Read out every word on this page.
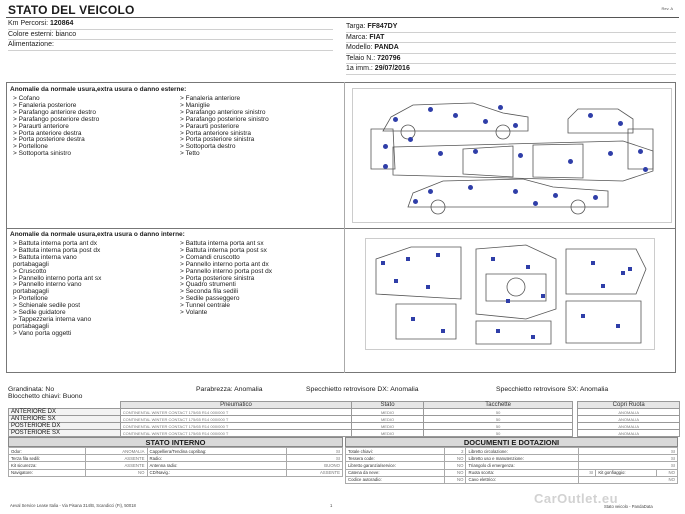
STATO DEL VEICOLO	Rev. A
Km Percorsi: 120864
Colore esterni: bianco
Alimentazione:
Targa: FF847DY
Marca: FIAT
Modello: PANDA
Telaio N.: 720796
1a imm.: 29/07/2016
Anomalie da normale usura,extra usura o danno esterne:
> Cofano
> Fanaleria posteriore
> Parafango anteriore destro
> Parafango posteriore destro
> Paraurti anteriore
> Porta anteriore destra
> Porta posteriore destra
> Portellone
> Sottoporta sinistro
> Fanaleria anteriore
> Maniglie
> Parafango anteriore sinistro
> Parafango posteriore sinistro
> Paraurti posteriore
> Porta anteriore sinistra
> Porta posteriore sinistra
> Sottoporta destro
> Tetto
Anomalie da normale usura,extra usura o danno interne:
> Battuta interna porta ant dx
> Battuta interna porta post dx
> Battuta interna vano
portabagagli
> Cruscotto
> Pannello interno porta ant sx
> Pannello interno vano
portabagagli
> Portellone
> Schienale sedile post
> Sedile guidatore
> Tappezzeria interna vano
portabagagli
> Vano porta oggetti
> Battuta interna porta ant sx
> Battuta interna porta post sx
> Comandi cruscotto
> Pannello interno porta ant dx
> Pannello interno porta post dx
> Porta posteriore sinistra
> Quadro strumenti
> Seconda fila sedili
> Sedile passeggero
> Tunnel centrale
> Volante
Grandinata: No	Parabrezza: Anomalia	Specchietto retrovisore DX: Anomalia	Specchietto retrovisore SX: Anomalia
Blocchetto chiavi: Buono
	Pneumatico	Stato	Tacchette		Copri Ruota
ANTERIORE DX	CONTINENTAL WINTER CONTACT 175/65 R14 000/000 T	MEDIO	50		ANOMALIA
ANTERIORE SX	CONTINENTAL WINTER CONTACT 175/65 R14 000/000 T	MEDIO	50		ANOMALIA
POSTERIORE DX	CONTINENTAL WINTER CONTACT 175/65 R14 000/000 T	MEDIO	50		ANOMALIA
POSTERIORE SX	CONTINENTAL WINTER CONTACT 175/65 R14 000/000 T	MEDIO	50		ANOMALIA
STATO INTERNO
Odor:	ANOMALIA	Cappelliera/Tendina copribag:	SI
Terza fila sedili:	ASSENTE	Radio:	SI
Kit sicurezza:	ASSENTE	Antenna radio:	BUONO
Navigatore:	NO	CD/Navig.:	ASSENTE
DOCUMENTI E DOTAZIONI
Totale chiavi:	2	Libretto circolazione:	SI		
Tessera code:	NO	Libretto uso e manutenzione:	SI		
Libretto garanzia/service:	NO	Triangolo di emergenza:	SI		
Catena da neve:	NO	Ruota scorta:	SI	Kit gonfiaggio:	NO
Codice autoradio:	NO	Cavo elettrico:	NO		
Aeval Service Lease Italia - Via Pisana 314/B, Scandicci (FI), 50018	1	Stato veicolo - PandaData
CarOutlet.eu
